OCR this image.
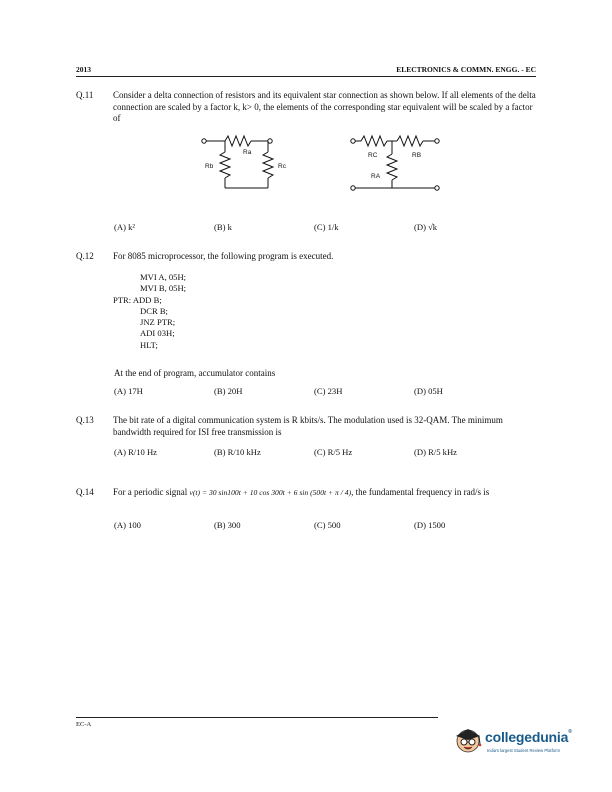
2013	ELECTRONICS & COMMN. ENGG. - EC
Q.11 Consider a delta connection of resistors and its equivalent star connection as shown below. If all elements of the delta connection are scaled by a factor k, k> 0, the elements of the corresponding star equivalent will be scaled by a factor of
Ra
Rb	Rc
RC	RB
RA
(A) k²	(B) k	(C) 1/k	(D) √k
Q.12 For 8085 microprocessor, the following program is executed.
MVI A, 05H;
MVI B, 05H;
PTR: ADD B;
DCR B;
JNZ PTR;
ADI 03H;
HLT;
At the end of program, accumulator contains
(A) 17H	(B) 20H	(C) 23H	(D) 05H
Q.13 The bit rate of a digital communication system is R kbits/s. The modulation used is 32-QAM. The minimum bandwidth required for ISI free transmission is
(A) R/10 Hz	(B) R/10 kHz	(C) R/5 Hz	(D) R/5 kHz
Q.14 For a periodic signal v(t) = 30 sin100t + 10 cos 300t + 6 sin (500t + π / 4), the fundamental frequency in rad/s is
(A) 100	(B) 300	(C) 500	(D) 1500
EC-A
collegedunia®
India's largest Student Review Platform
